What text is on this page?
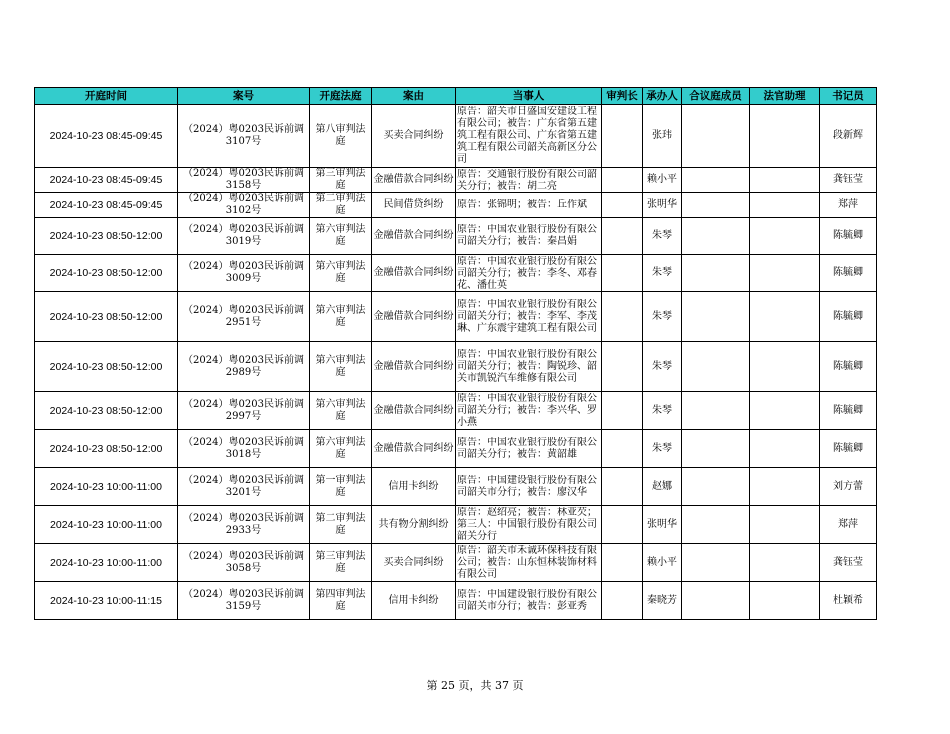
开庭时间	案号	开庭法庭	案由	当事人	审判长	承办人	合议庭成员	法官助理	书记员
2024-10-23 08:45-09:45	（2024）粤0203民诉前调3107号	第八审判法庭	买卖合同纠纷	原告：韶关市日盛国安建设工程有限公司；被告：广东省第五建筑工程有限公司、广东省第五建筑工程有限公司韶关高新区分公司		张玮			段新辉
2024-10-23 08:45-09:45	（2024）粤0203民诉前调3158号	第三审判法庭	金融借款合同纠纷	原告：交通银行股份有限公司韶关分行；被告：胡二亮		赖小平			龚钰莹
2024-10-23 08:45-09:45	（2024）粤0203民诉前调3102号	第二审判法庭	民间借贷纠纷	原告：张锦明；被告：丘作斌		张明华			郑萍
2024-10-23 08:50-12:00	（2024）粤0203民诉前调3019号	第六审判法庭	金融借款合同纠纷	原告：中国农业银行股份有限公司韶关分行；被告：秦昌娟		朱琴			陈毓卿
2024-10-23 08:50-12:00	（2024）粤0203民诉前调3009号	第六审判法庭	金融借款合同纠纷	原告：中国农业银行股份有限公司韶关分行；被告：李冬、邓春花、潘仕英		朱琴			陈毓卿
2024-10-23 08:50-12:00	（2024）粤0203民诉前调2951号	第六审判法庭	金融借款合同纠纷	原告：中国农业银行股份有限公司韶关分行；被告：李军、李茂琳、广东震宇建筑工程有限公司		朱琴			陈毓卿
2024-10-23 08:50-12:00	（2024）粤0203民诉前调2989号	第六审判法庭	金融借款合同纠纷	原告：中国农业银行股份有限公司韶关分行；被告：陶锐珍、韶关市凯锐汽车维修有限公司		朱琴			陈毓卿
2024-10-23 08:50-12:00	（2024）粤0203民诉前调2997号	第六审判法庭	金融借款合同纠纷	原告：中国农业银行股份有限公司韶关分行；被告：李兴华、罗小燕		朱琴			陈毓卿
2024-10-23 08:50-12:00	（2024）粤0203民诉前调3018号	第六审判法庭	金融借款合同纠纷	原告：中国农业银行股份有限公司韶关分行；被告：黄韶雄		朱琴			陈毓卿
2024-10-23 10:00-11:00	（2024）粤0203民诉前调3201号	第一审判法庭	信用卡纠纷	原告：中国建设银行股份有限公司韶关市分行；被告：廖汉华		赵娜			刘方蕾
2024-10-23 10:00-11:00	（2024）粤0203民诉前调2933号	第二审判法庭	共有物分割纠纷	原告：赵绍亮；被告：林亚芡；第三人：中国银行股份有限公司韶关分行		张明华			郑萍
2024-10-23 10:00-11:00	（2024）粤0203民诉前调3058号	第三审判法庭	买卖合同纠纷	原告：韶关市禾诚环保科技有限公司；被告：山东恒林装饰材料有限公司		赖小平			龚钰莹
2024-10-23 10:00-11:15	（2024）粤0203民诉前调3159号	第四审判法庭	信用卡纠纷	原告：中国建设银行股份有限公司韶关市分行；被告：彭亚秀		秦晓芳			杜颖希
第 25 页，共 37 页
